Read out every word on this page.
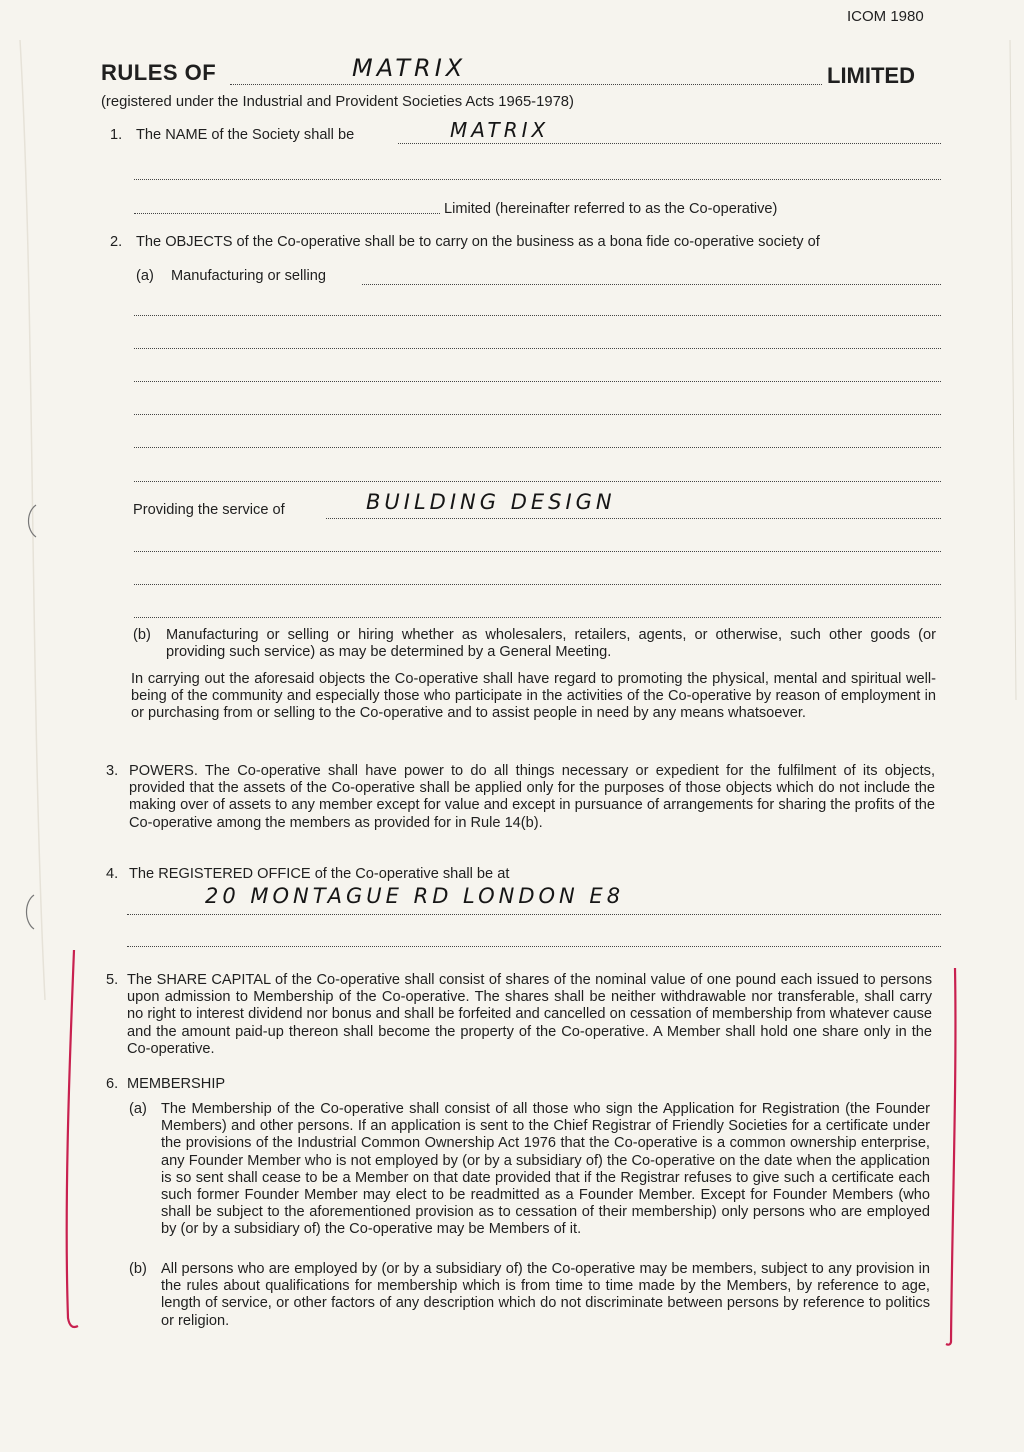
ICOM 1980
RULES OF	MATRIX	LIMITED
(registered under the Industrial and Provident Societies Acts 1965-1978)
1. The NAME of the Society shall be	MATRIX
Limited (hereinafter referred to as the Co-operative)
2. The OBJECTS of the Co-operative shall be to carry on the business as a bona fide co-operative society of
(a) Manufacturing or selling
Providing the service of	BUILDING DESIGN
(b) Manufacturing or selling or hiring whether as wholesalers, retailers, agents, or otherwise, such other goods (or providing such service) as may be determined by a General Meeting.
In carrying out the aforesaid objects the Co-operative shall have regard to promoting the physical, mental and spiritual well-being of the community and especially those who participate in the activities of the Co-operative by reason of employment in or purchasing from or selling to the Co-operative and to assist people in need by any means whatsoever.
3. POWERS. The Co-operative shall have power to do all things necessary or expedient for the fulfilment of its objects, provided that the assets of the Co-operative shall be applied only for the purposes of those objects which do not include the making over of assets to any member except for value and except in pursuance of arrangements for sharing the profits of the Co-operative among the members as provided for in Rule 14(b).
4. The REGISTERED OFFICE of the Co-operative shall be at
20 MONTAGUE RD LONDON E8
5. The SHARE CAPITAL of the Co-operative shall consist of shares of the nominal value of one pound each issued to persons upon admission to Membership of the Co-operative. The shares shall be neither withdrawable nor transferable, shall carry no right to interest dividend nor bonus and shall be forfeited and cancelled on cessation of membership from whatever cause and the amount paid-up thereon shall become the property of the Co-operative. A Member shall hold one share only in the Co-operative.
6. MEMBERSHIP
(a) The Membership of the Co-operative shall consist of all those who sign the Application for Registration (the Founder Members) and other persons. If an application is sent to the Chief Registrar of Friendly Societies for a certificate under the provisions of the Industrial Common Ownership Act 1976 that the Co-operative is a common ownership enterprise, any Founder Member who is not employed by (or by a subsidiary of) the Co-operative on the date when the application is so sent shall cease to be a Member on that date provided that if the Registrar refuses to give such a certificate each such former Founder Member may elect to be readmitted as a Founder Member. Except for Founder Members (who shall be subject to the aforementioned provision as to cessation of their membership) only persons who are employed by (or by a subsidiary of) the Co-operative may be Members of it.
(b) All persons who are employed by (or by a subsidiary of) the Co-operative may be members, subject to any provision in the rules about qualifications for membership which is from time to time made by the Members, by reference to age, length of service, or other factors of any description which do not discriminate between persons by reference to politics or religion.
